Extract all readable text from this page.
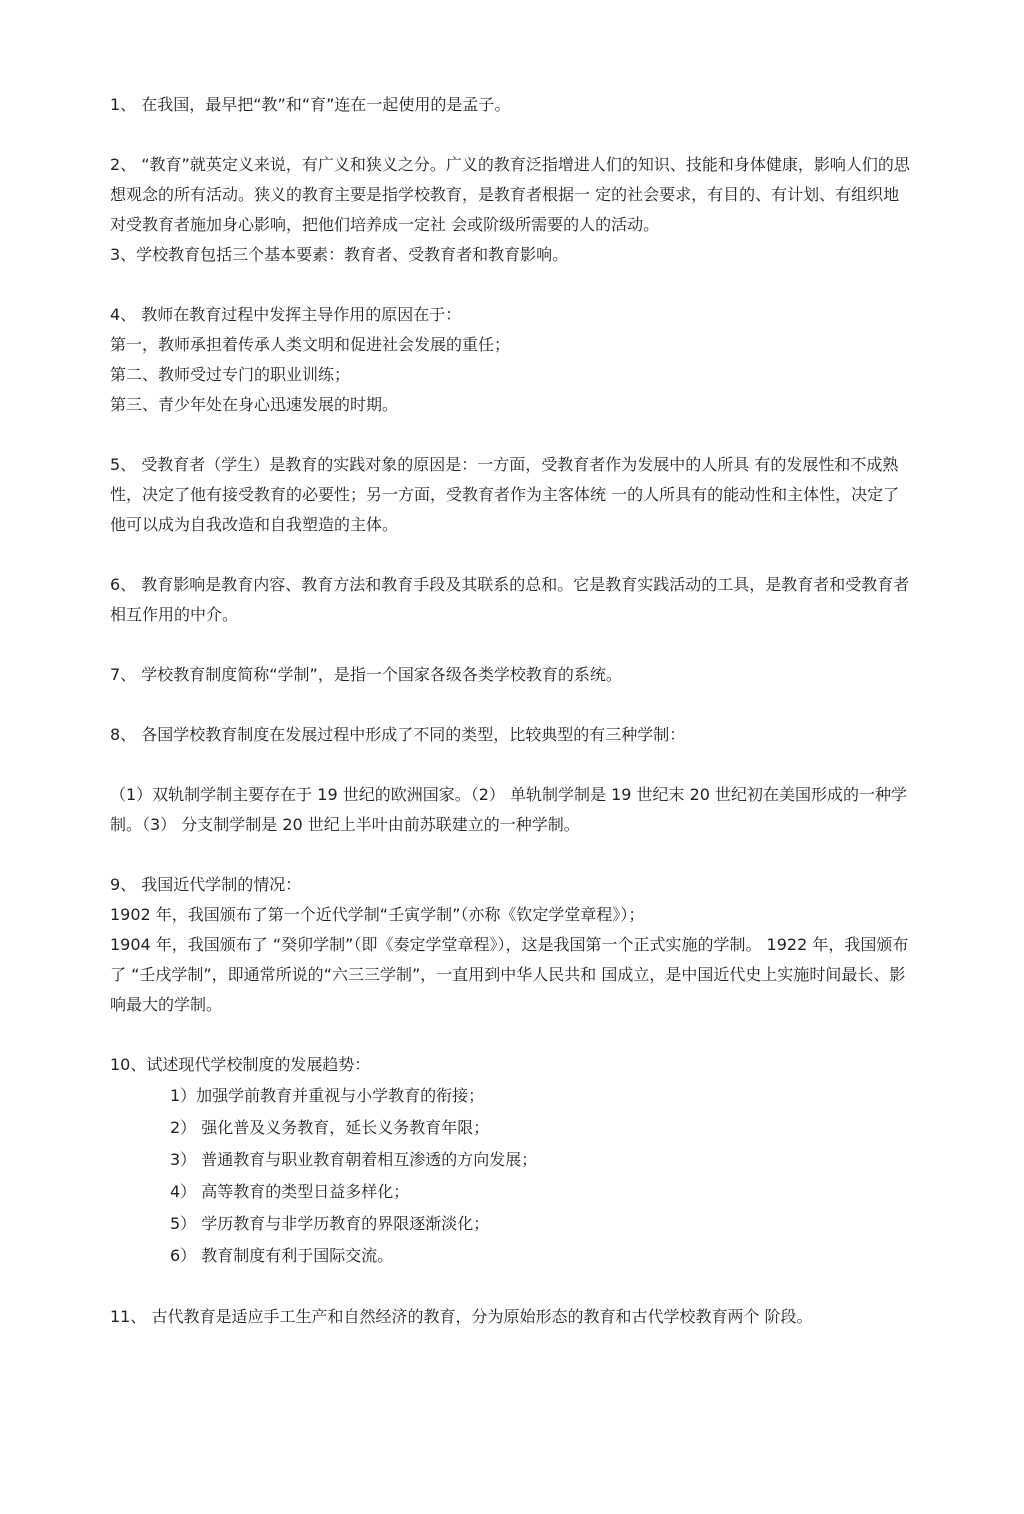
1、 在我国，最早把“教”和“育”连在一起使用的是孟子。

2、 “教育”就英定义来说，有广义和狭义之分。广义的教育泛指增进人们的知识、技能和身体健康，影响人们的思想观念的所有活动。狭义的教育主要是指学校教育，是教育者根据一 定的社会要求，有目的、有计划、有组织地对受教育者施加身心影响，把他们培养成一定社 会或阶级所需要的人的活动。

3、学校教育包括三个基本要素：教育者、受教育者和教育影响。

4、 教师在教育过程中发挥主导作用的原因在于：

第一，教师承担着传承人类文明和促进社会发展的重任；

第二、教师受过专门的职业训练；

第三、青少年处在身心迅速发展的时期。

5、 受教育者（学生）是教育的实践对象的原因是：一方面，受教育者作为发展中的人所具 有的发展性和不成熟性，决定了他有接受教育的必要性；另一方面，受教育者作为主客体统 一的人所具有的能动性和主体性，决定了他可以成为自我改造和自我塑造的主体。

6、 教育影响是教育内容、教育方法和教育手段及其联系的总和。它是教育实践活动的工具，是教育者和受教育者相互作用的中介。

7、 学校教育制度简称“学制”，是指一个国家各级各类学校教育的系统。

8、 各国学校教育制度在发展过程中形成了不同的类型，比较典型的有三种学制：

（1）双轨制学制主要存在于 19 世纪的欧洲国家。（2） 单轨制学制是 19 世纪末 20 世纪初在美国形成的一种学制。（3） 分支制学制是 20 世纪上半叶由前苏联建立的一种学制。

9、 我国近代学制的情况：

1902 年，我国颁布了第一个近代学制“壬寅学制”（亦称《钦定学堂章程》）；

1904 年，我国颁布了 “癸卯学制”（即《奏定学堂章程》），这是我国第一个正式实施的学制。 1922 年，我国颁布了 “壬戌学制”，即通常所说的“六三三学制”，一直用到中华人民共和 国成立，是中国近代史上实施时间最长、影响最大的学制。

10、试述现代学校制度的发展趋势：

1）加强学前教育并重视与小学教育的衔接；

2） 强化普及义务教育，延长义务教育年限；

3） 普通教育与职业教育朝着相互渗透的方向发展；

4） 高等教育的类型日益多样化；

5） 学历教育与非学历教育的界限逐渐淡化；

6） 教育制度有利于国际交流。

11、 古代教育是适应手工生产和自然经济的教育，分为原始形态的教育和古代学校教育两个 阶段。
